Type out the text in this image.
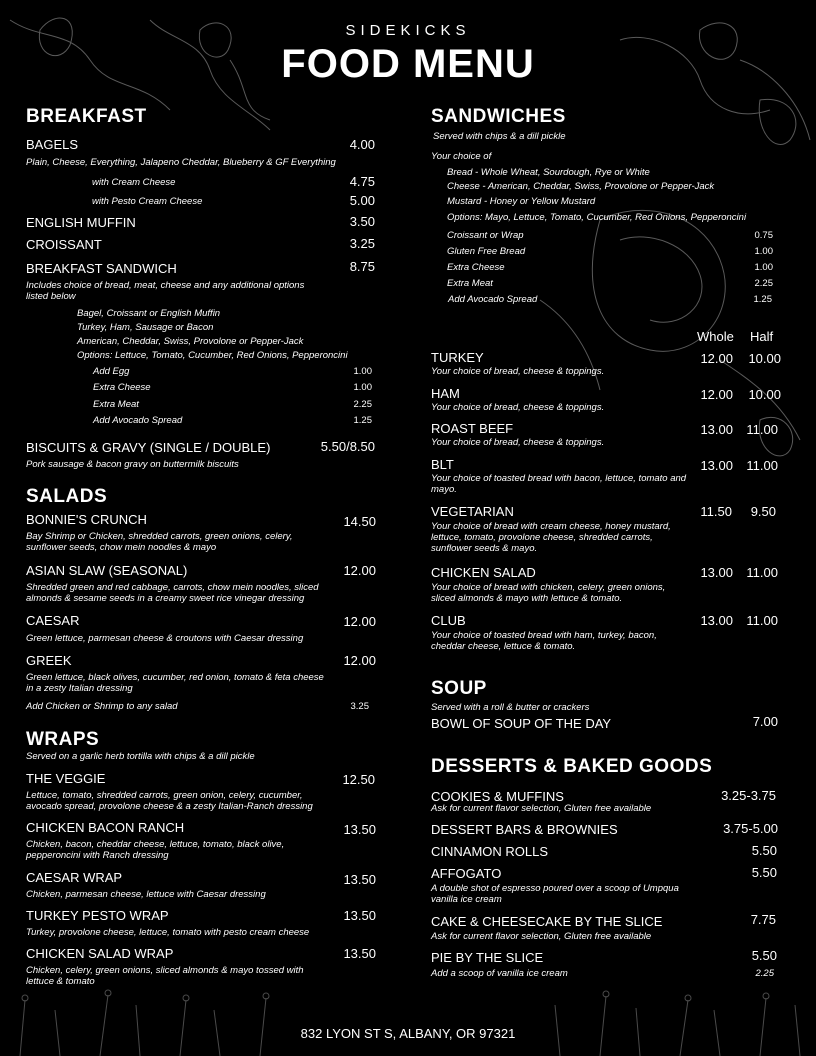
SIDEKICKS
FOOD MENU
BREAKFAST
BAGELS	4.00
Plain, Cheese, Everything, Jalapeno Cheddar, Blueberry & GF Everything
with Cream Cheese	4.75
with Pesto Cream Cheese	5.00
ENGLISH MUFFIN	3.50
CROISSANT	3.25
BREAKFAST SANDWICH	8.75
Includes choice of bread, meat, cheese and any additional options listed below
Bagel, Croissant or English Muffin
Turkey, Ham, Sausage or Bacon
American, Cheddar, Swiss, Provolone or Pepper-Jack
Options: Lettuce, Tomato, Cucumber, Red Onions, Pepperoncini
Add Egg	1.00
Extra Cheese	1.00
Extra Meat	2.25
Add Avocado Spread	1.25
BISCUITS & GRAVY (SINGLE / DOUBLE)	5.50/8.50
Pork sausage & bacon gravy on buttermilk biscuits
SALADS
BONNIE'S CRUNCH	14.50
Bay Shrimp or Chicken, shredded carrots, green onions, celery, sunflower seeds, chow mein noodles & mayo
ASIAN SLAW (SEASONAL)	12.00
Shredded green and red cabbage, carrots, chow mein noodles, sliced almonds & sesame seeds in a creamy sweet rice vinegar dressing
CAESAR	12.00
Green lettuce, parmesan cheese & croutons with Caesar dressing
GREEK	12.00
Green lettuce, black olives, cucumber, red onion, tomato & feta cheese in a zesty Italian dressing
Add Chicken or Shrimp to any salad	3.25
WRAPS
Served on a garlic herb tortilla with chips & a dill pickle
THE VEGGIE	12.50
Lettuce, tomato, shredded carrots, green onion, celery, cucumber, avocado spread, provolone cheese & a zesty Italian-Ranch dressing
CHICKEN BACON RANCH	13.50
Chicken, bacon, cheddar cheese, lettuce, tomato, black olive, pepperoncini with Ranch dressing
CAESAR WRAP	13.50
Chicken, parmesan cheese, lettuce with Caesar dressing
TURKEY PESTO WRAP	13.50
Turkey, provolone cheese, lettuce, tomato with pesto cream cheese
CHICKEN SALAD WRAP	13.50
Chicken, celery, green onions, sliced almonds & mayo tossed with lettuce & tomato
SANDWICHES
Served with chips & a dill pickle
Your choice of
Bread - Whole Wheat, Sourdough, Rye or White
Cheese - American, Cheddar, Swiss, Provolone or Pepper-Jack
Mustard - Honey or Yellow Mustard
Options: Mayo, Lettuce, Tomato, Cucumber, Red Onions, Pepperoncini
Croissant or Wrap	0.75
Gluten Free Bread	1.00
Extra Cheese	1.00
Extra Meat	2.25
Add Avocado Spread	1.25
Whole Half
TURKEY	12.00	10.00
Your choice of bread, cheese & toppings.
HAM	12.00	10.00
Your choice of bread, cheese & toppings.
ROAST BEEF	13.00	11.00
Your choice of bread, cheese & toppings.
BLT	13.00	11.00
Your choice of toasted bread with bacon, lettuce, tomato and mayo.
VEGETARIAN	11.50	9.50
Your choice of bread with cream cheese, honey mustard, lettuce, tomato, provolone cheese, shredded carrots, sunflower seeds & mayo.
CHICKEN SALAD	13.00	11.00
Your choice of bread with chicken, celery, green onions, sliced almonds & mayo with lettuce & tomato.
CLUB	13.00	11.00
Your choice of toasted bread with ham, turkey, bacon, cheddar cheese, lettuce & tomato.
SOUP
Served with a roll & butter or crackers
BOWL OF SOUP OF THE DAY	7.00
DESSERTS & BAKED GOODS
COOKIES & MUFFINS	3.25-3.75
Ask for current flavor selection, Gluten free available
DESSERT BARS & BROWNIES	3.75-5.00
CINNAMON ROLLS	5.50
AFFOGATO	5.50
A double shot of espresso poured over a scoop of Umpqua vanilla ice cream
CAKE & CHEESECAKE BY THE SLICE	7.75
Ask for current flavor selection, Gluten free available
PIE BY THE SLICE	5.50
Add a scoop of vanilla ice cream	2.25
832 LYON ST S, ALBANY, OR 97321
